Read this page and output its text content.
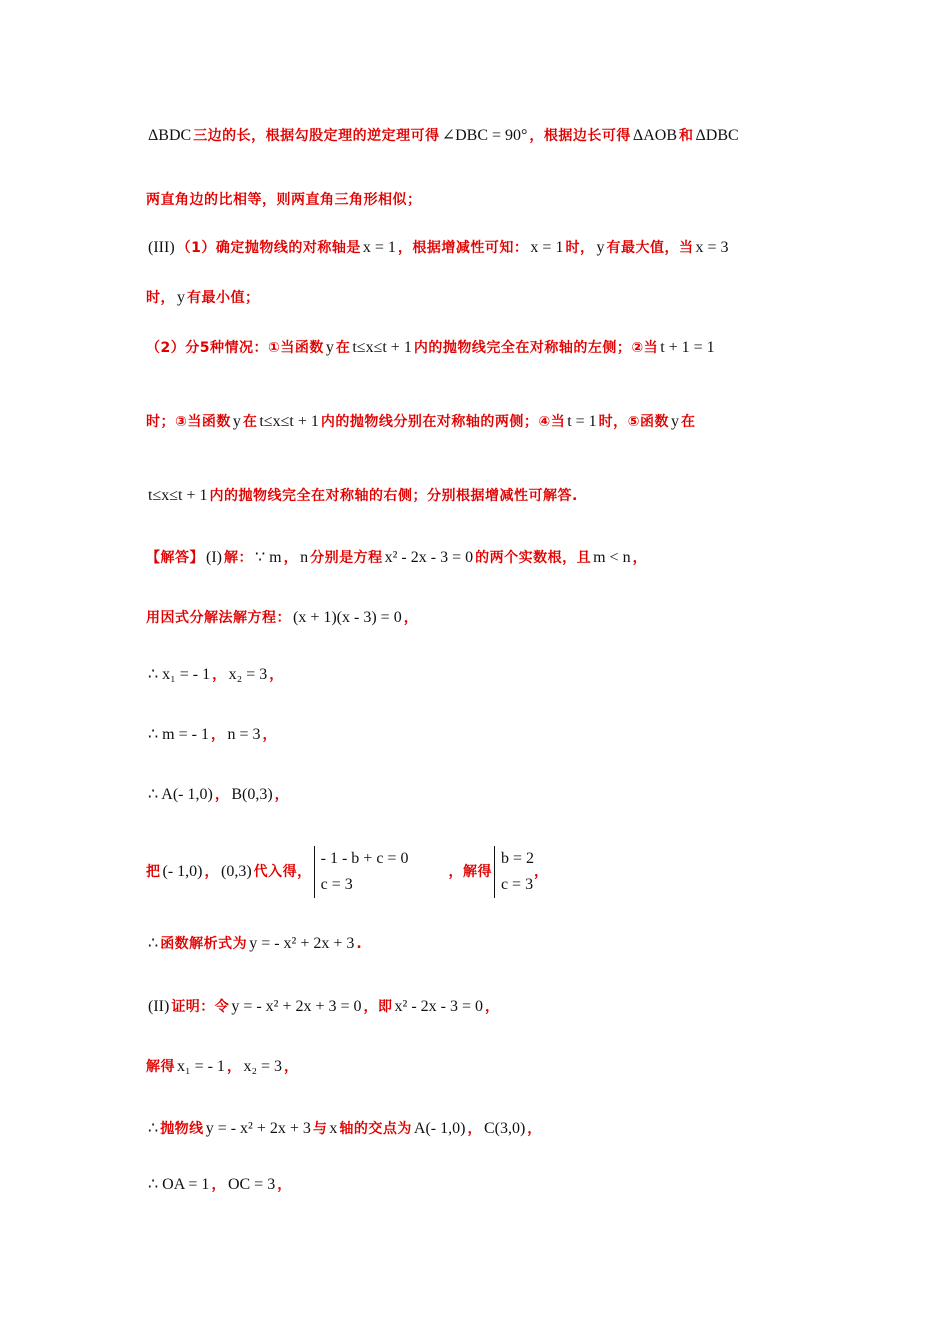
ΔBDC 三边的长，根据勾股定理的逆定理可得 ∠DBC = 90° ，根据边长可得 ΔAOB 和 ΔDBC
两直角边的比相等，则两直角三角形相似；
(III) （1）确定抛物线的对称轴是 x = 1 ，根据增减性可知： x = 1 时， y 有最大值，当 x = 3
时， y 有最小值；
（2）分5种情况：①当函数 y 在 t≤x≤t + 1 内的抛物线完全在对称轴的左侧；②当 t + 1 = 1
时；③当函数 y 在 t≤x≤t + 1 内的抛物线分别在对称轴的两侧；④当 t = 1 时，⑤函数 y 在
t≤x≤t + 1 内的抛物线完全在对称轴的右侧；分别根据增减性可解答.
【解答】 (I) 解： ∵ m ， n 分别是方程 x² - 2x - 3 = 0 的两个实数根，且 m < n ，
用因式分解法解方程： (x + 1)(x - 3) = 0 ，
∴ x₁ = - 1 ， x₂ = 3 ，
∴ m = - 1 ， n = 3 ，
∴ A(- 1,0) ， B(0,3) ，
把 (- 1,0) ， (0,3) 代入得，
- 1 - b + c = 0
c = 3
，解得
b = 2
c = 3
，
∴ 函数解析式为 y = - x² + 2x + 3 .
(II) 证明：令 y = - x² + 2x + 3 = 0 ，即 x² - 2x - 3 = 0 ，
解得 x₁ = - 1 ， x₂ = 3 ，
∴ 抛物线 y = - x² + 2x + 3 与 x 轴的交点为 A(- 1,0) ， C(3,0) ，
∴ OA = 1 ， OC = 3 ，
